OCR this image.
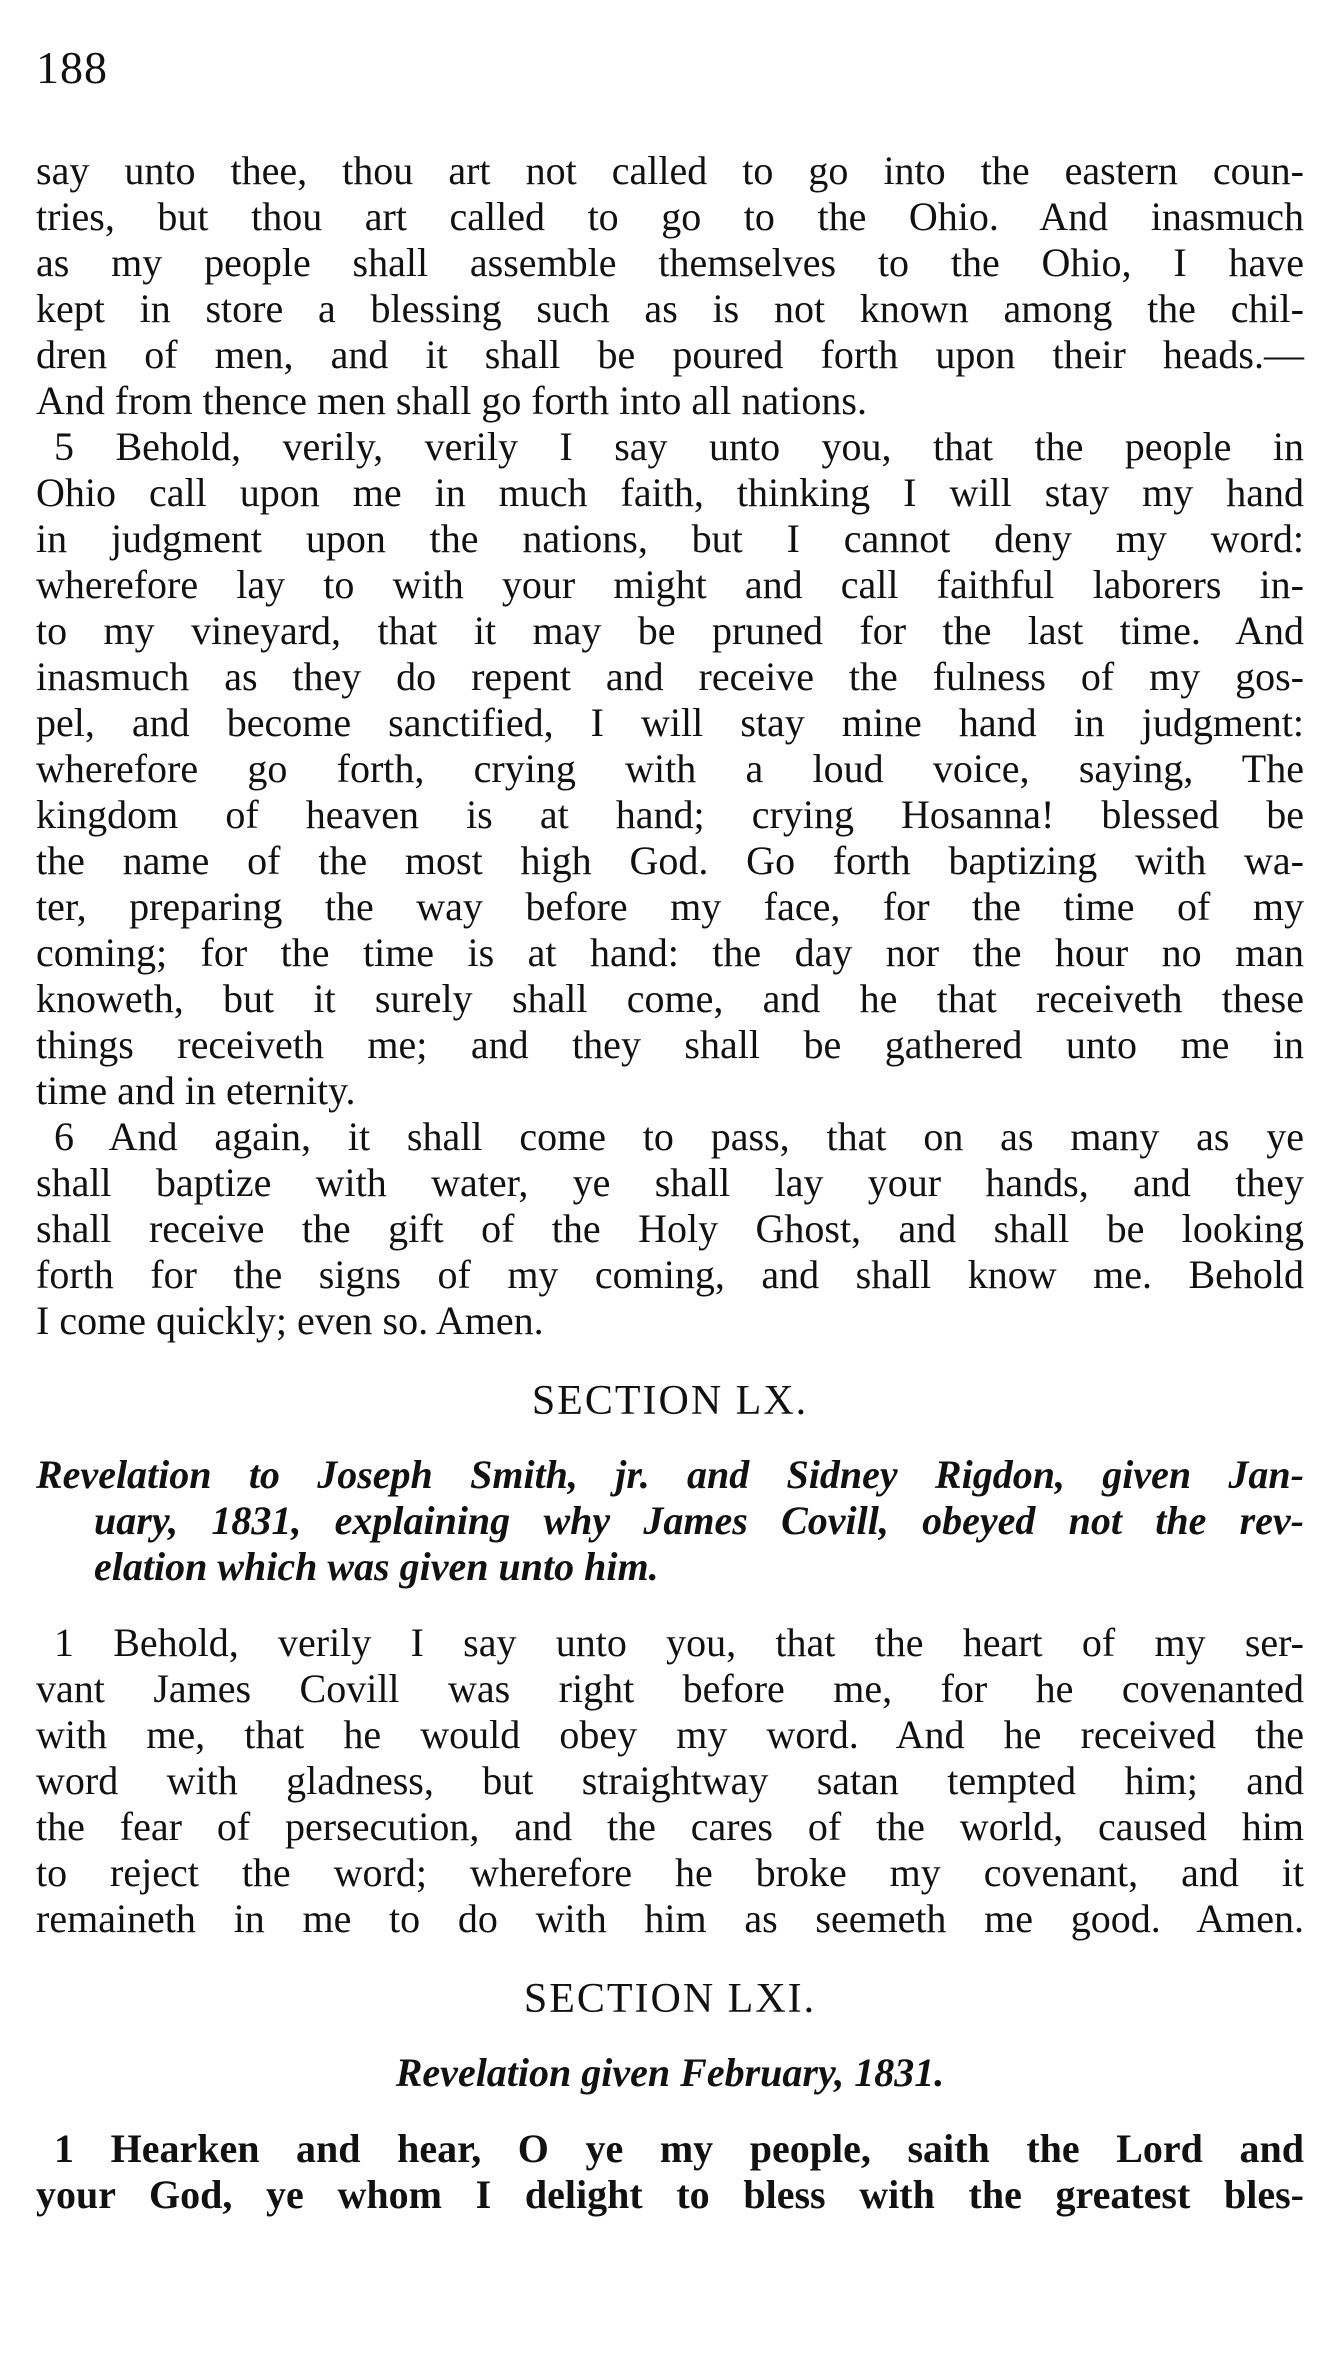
188
say unto thee, thou art not called to go into the eastern coun-
tries, but thou art called to go to the Ohio. And inasmuch
as my people shall assemble themselves to the Ohio, I have
kept in store a blessing such as is not known among the chil-
dren of men, and it shall be poured forth upon their heads.—
And from thence men shall go forth into all nations.
5 Behold, verily, verily I say unto you, that the people in
Ohio call upon me in much faith, thinking I will stay my hand
in judgment upon the nations, but I cannot deny my word:
wherefore lay to with your might and call faithful laborers in-
to my vineyard, that it may be pruned for the last time. And
inasmuch as they do repent and receive the fulness of my gos-
pel, and become sanctified, I will stay mine hand in judgment:
wherefore go forth, crying with a loud voice, saying, The
kingdom of heaven is at hand; crying Hosanna! blessed be
the name of the most high God. Go forth baptizing with wa-
ter, preparing the way before my face, for the time of my
coming; for the time is at hand: the day nor the hour no man
knoweth, but it surely shall come, and he that receiveth these
things receiveth me; and they shall be gathered unto me in
time and in eternity.
6 And again, it shall come to pass, that on as many as ye
shall baptize with water, ye shall lay your hands, and they
shall receive the gift of the Holy Ghost, and shall be looking
forth for the signs of my coming, and shall know me. Behold
I come quickly; even so. Amen.
SECTION LX.
Revelation to Joseph Smith, jr. and Sidney Rigdon, given Jan-
uary, 1831, explaining why James Covill, obeyed not the rev-
elation which was given unto him.
1 Behold, verily I say unto you, that the heart of my ser-
vant James Covill was right before me, for he covenanted
with me, that he would obey my word. And he received the
word with gladness, but straightway satan tempted him; and
the fear of persecution, and the cares of the world, caused him
to reject the word; wherefore he broke my covenant, and it
remaineth in me to do with him as seemeth me good. Amen.
SECTION LXI.
Revelation given February, 1831.
1 Hearken and hear, O ye my people, saith the Lord and
your God, ye whom I delight to bless with the greatest bles-
